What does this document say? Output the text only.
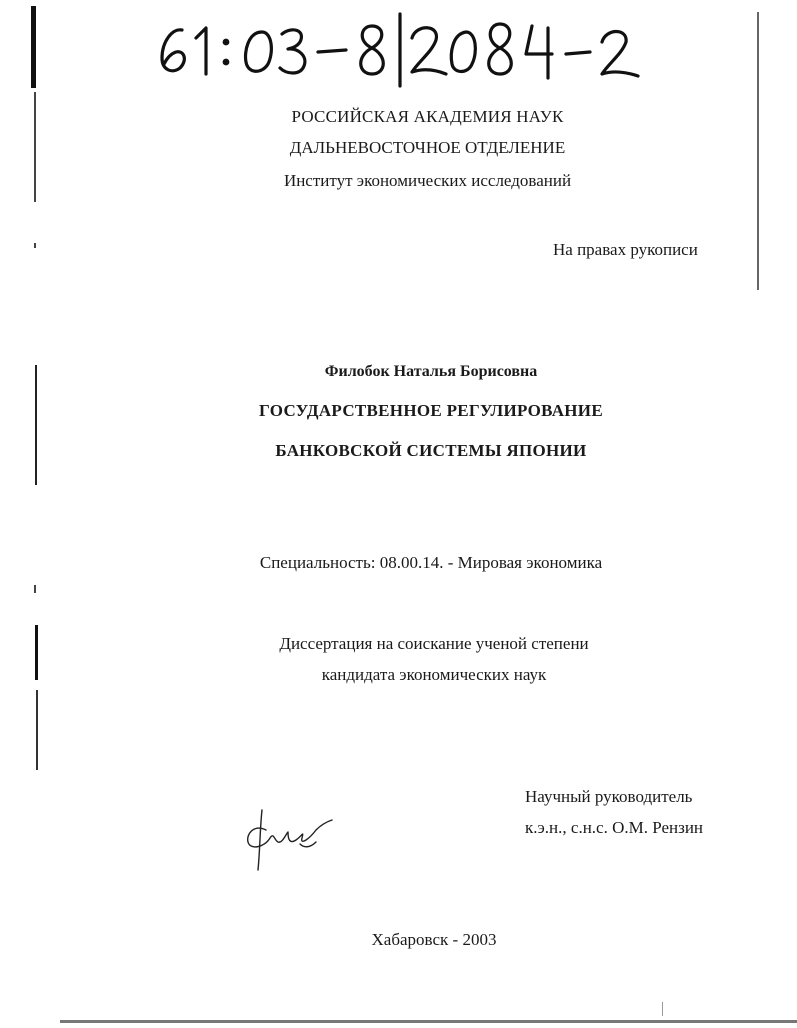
РОССИЙСКАЯ АКАДЕМИЯ НАУК
ДАЛЬНЕВОСТОЧНОЕ ОТДЕЛЕНИЕ
Институт экономических исследований
На правах рукописи
Филобок Наталья Борисовна
ГОСУДАРСТВЕННОЕ РЕГУЛИРОВАНИЕ
БАНКОВСКОЙ СИСТЕМЫ ЯПОНИИ
Специальность: 08.00.14. - Мировая экономика
Диссертация на соискание ученой степени
кандидата экономических наук
Научный руководитель
к.э.н., с.н.с. О.М. Рензин
Хабаровск - 2003
